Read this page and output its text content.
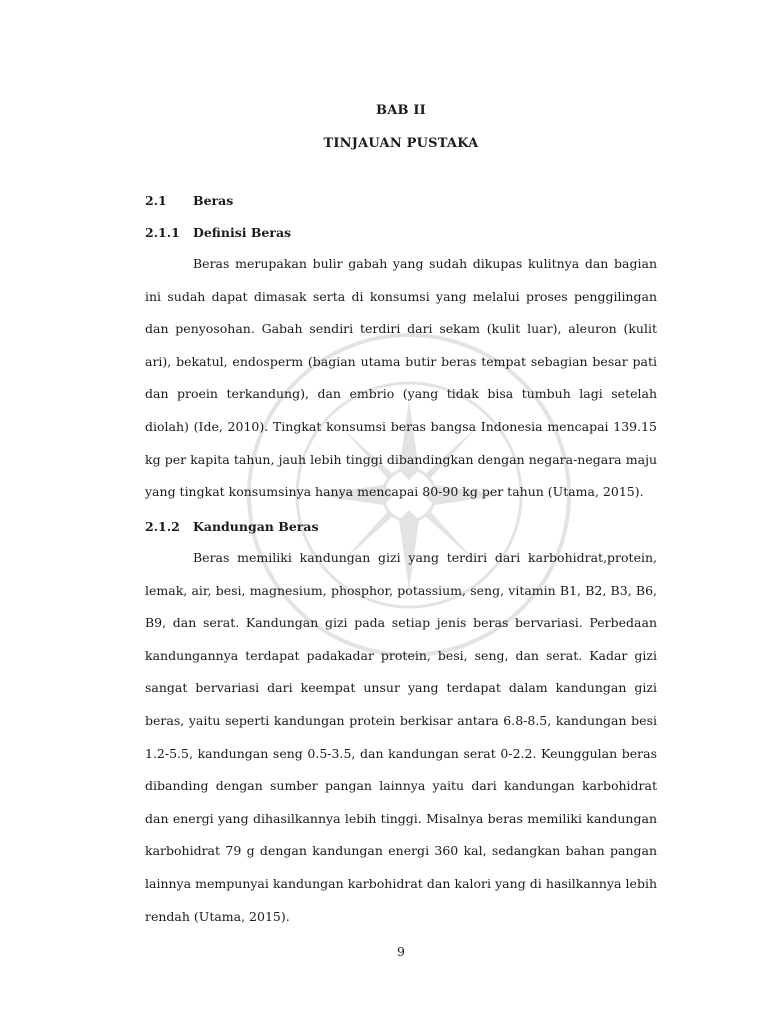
BAB II
TINJAUAN PUSTAKA
2.1 Beras
2.1.1 Definisi Beras

Beras merupakan bulir gabah yang sudah dikupas kulitnya dan bagian ini sudah dapat dimasak serta di konsumsi yang melalui proses penggilingan dan penyosohan. Gabah sendiri terdiri dari sekam (kulit luar), aleuron (kulit ari), bekatul, endosperm (bagian utama butir beras tempat sebagian besar pati dan proein terkandung), dan embrio (yang tidak bisa tumbuh lagi setelah diolah) (Ide, 2010). Tingkat konsumsi beras bangsa Indonesia mencapai 139.15 kg per kapita tahun, jauh lebih tinggi dibandingkan dengan negara-negara maju yang tingkat konsumsinya hanya mencapai 80-90 kg per tahun (Utama, 2015).

2.1.2 Kandungan Beras

Beras memiliki kandungan gizi yang terdiri dari karbohidrat,protein, lemak, air, besi, magnesium, phosphor, potassium, seng, vitamin B1, B2, B3, B6, B9, dan serat. Kandungan gizi pada setiap jenis beras bervariasi. Perbedaan kandungannya terdapat padakadar protein, besi, seng, dan serat. Kadar gizi sangat bervariasi dari keempat unsur yang terdapat dalam kandungan gizi beras, yaitu seperti kandungan protein berkisar antara 6.8-8.5, kandungan besi 1.2-5.5, kandungan seng 0.5-3.5, dan kandungan serat 0-2.2. Keunggulan beras dibanding dengan sumber pangan lainnya yaitu dari kandungan karbohidrat dan energi yang dihasilkannya lebih tinggi. Misalnya beras memiliki kandungan karbohidrat 79 g dengan kandungan energi 360 kal, sedangkan bahan pangan lainnya mempunyai kandungan karbohidrat dan kalori yang di hasilkannya lebih rendah (Utama, 2015).

9
